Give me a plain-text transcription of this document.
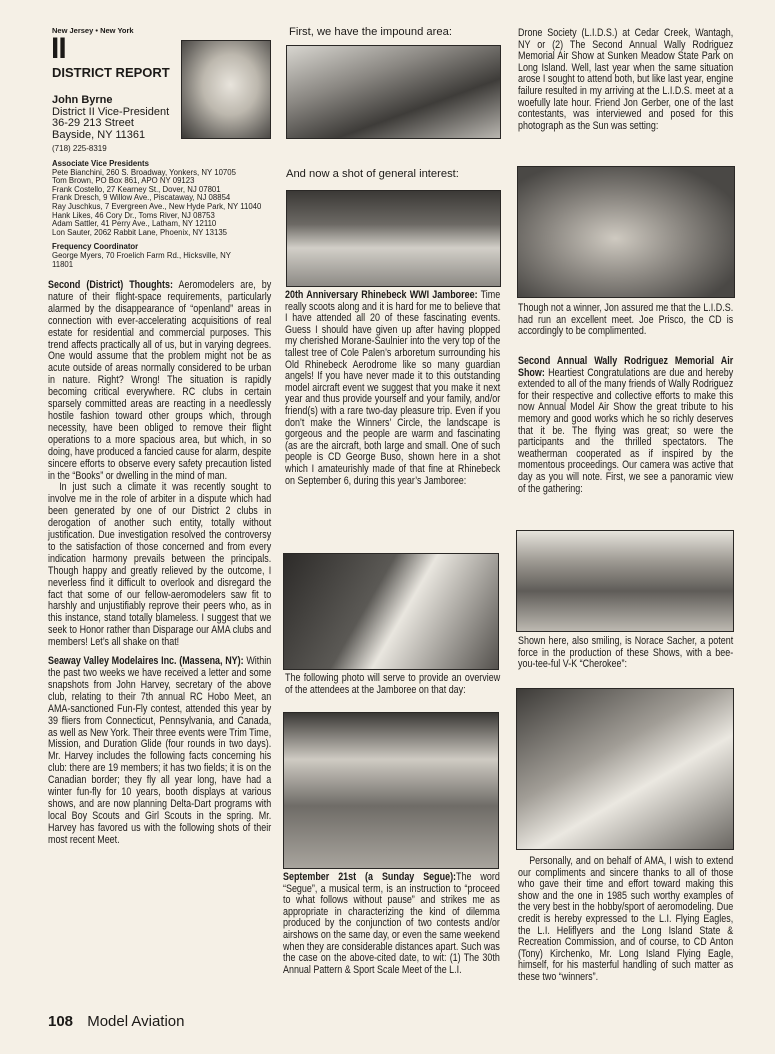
New Jersey • New York
II
DISTRICT REPORT
John Byrne
District II Vice-President
36-29 213 Street
Bayside, NY 11361
(718) 225-8319
Associate Vice Presidents
Pete Bianchini, 260 S. Broadway, Yonkers, NY 10705
Tom Brown, PO Box 861, APO NY 09123
Frank Costello, 27 Kearney St., Dover, NJ 07801
Frank Dresch, 9 Willow Ave., Piscataway, NJ 08854
Ray Juschkus, 7 Evergreen Ave., New Hyde Park, NY 11040
Hank Likes, 46 Cory Dr., Toms River, NJ 08753
Adam Sattler, 41 Perry Ave., Latham, NY 12110
Lon Sauter, 2062 Rabbit Lane, Phoenix, NY 13135
Frequency Coordinator
George Myers, 70 Froelich Farm Rd., Hicksville, NY 11801

Second (District) Thoughts: Aeromodelers are, by nature of their flight-space requirements, particularly alarmed by the disappearance of “openland” areas in connection with ever-accelerating acquisitions of real estate for residential and commercial purposes. This trend affects practically all of us, but in varying degrees. One would assume that the problem might not be as acute outside of areas normally considered to be urban in nature. Right? Wrong! The situation is rapidly becoming critical everywhere. RC clubs in certain sparsely committed areas are reacting in a needlessly hostile fashion toward other groups which, through necessity, have been obliged to remove their flight operations to a more spacious area, but which, in so doing, have produced a fancied cause for alarm, despite sincere efforts to observe every safety precaution listed in the “Books” or dwelling in the mind of man.

In just such a climate it was recently sought to involve me in the role of arbiter in a dispute which had been generated by one of our District 2 clubs in derogation of another such entity, totally without justification. Due investigation resolved the controversy to the satisfaction of those concerned and from every indication harmony prevails between the principals. Though happy and greatly relieved by the outcome, I neverless find it difficult to overlook and disregard the fact that some of our fellow-aeromodelers saw fit to harshly and unjustifiably reprove their peers who, as in this instance, stand totally blameless. I suggest that we seek to Honor rather than Disparage our AMA clubs and members! Let’s all shake on that!

Seaway Valley Modelaires Inc. (Massena, NY): Within the past two weeks we have received a letter and some snapshots from John Harvey, secretary of the above club, relating to their 7th annual RC Hobo Meet, an AMA-sanctioned Fun-Fly contest, attended this year by 39 fliers from Connecticut, Pennsylvania, and Canada, as well as New York. Their three events were Trim Time, Mission, and Duration Glide (four rounds in two days). Mr. Harvey includes the following facts concerning his club: there are 19 members; it has two fields; it is on the Canadian border; they fly all year long, have had a winter fun-fly for 10 years, booth displays at various shows, and are now planning Delta-Dart programs with local Boy Scouts and Girl Scouts in the spring. Mr. Harvey has favored us with the following shots of their most recent Meet.

108 Model Aviation
First, we have the impound area:
And now a shot of general interest:

20th Anniversary Rhinebeck WWI Jamboree: Time really scoots along and it is hard for me to believe that I have attended all 20 of these fascinating events. Guess I should have given up after having plopped my cherished Morane-Saulnier into the very top of the tallest tree of Cole Palen’s arboretum surrounding his Old Rhinebeck Aerodrome like so many guardian angels! If you have never made it to this outstanding model aircraft event we suggest that you make it next year and thus provide yourself and your family, and/or friend(s) with a rare two-day pleasure trip. Even if you don’t make the Winners’ Circle, the landscape is gorgeous and the people are warm and fascinating (as are the aircraft, both large and small. One of such people is CD George Buso, shown here in a shot which I amateurishly made of that fine at Rhinebeck on September 6, during this year’s Jamboree:

The following photo will serve to provide an overview of the attendees at the Jamboree on that day:
September 21st (a Sunday Segue):The word “Segue”, a musical term, is an instruction to “proceed to what follows without pause” and strikes me as appropriate in characterizing the kind of dilemma produced by the conjunction of two contests and/or airshows on the same day, or even the same weekend when they are considerable distances apart. Such was the case on the above-cited date, to wit: (1) The 30th Annual Pattern & Sport Scale Meet of the L.I.
Drone Society (L.I.D.S.) at Cedar Creek, Wantagh, NY or (2) The Second Annual Wally Rodriguez Memorial Air Show at Sunken Meadow State Park on Long Island. Well, last year when the same situation arose I sought to attend both, but like last year, engine failure resulted in my arriving at the L.I.D.S. meet at a woefully late hour. Friend Jon Gerber, one of the last contestants, was interviewed and posed for this photograph as the Sun was setting:
Though not a winner, Jon assured me that the L.I.D.S. had run an excellent meet. Joe Prisco, the CD is accordingly to be complimented.
Second Annual Wally Rodriguez Memorial Air Show: Heartiest Congratulations are due and hereby extended to all of the many friends of Wally Rodriguez for their respective and collective efforts to make this now Annual Model Air Show the great tribute to his memory and good works which he so richly deserves that it be. The flying was great; so were the participants and the thrilled spectators. The weatherman cooperated as if inspired by the momentous proceedings. Our camera was active that day as you will note. First, we see a panoramic view of the gathering:
Shown here, also smiling, is Norace Sacher, a potent force in the production of these Shows, with a bee-you-tee-ful V-K “Cherokee”:
Personally, and on behalf of AMA, I wish to extend our compliments and sincere thanks to all of those who gave their time and effort toward making this show and the one in 1985 such worthy examples of the very best in the hobby/sport of aeromodeling. Due credit is hereby expressed to the L.I. Flying Eagles, the L.I. Heliflyers and the Long Island State & Recreation Commission, and of course, to CD Anton (Tony) Kirchenko, Mr. Long Island Flying Eagle, himself, for his masterful handling of such matter as these two “winners”.
